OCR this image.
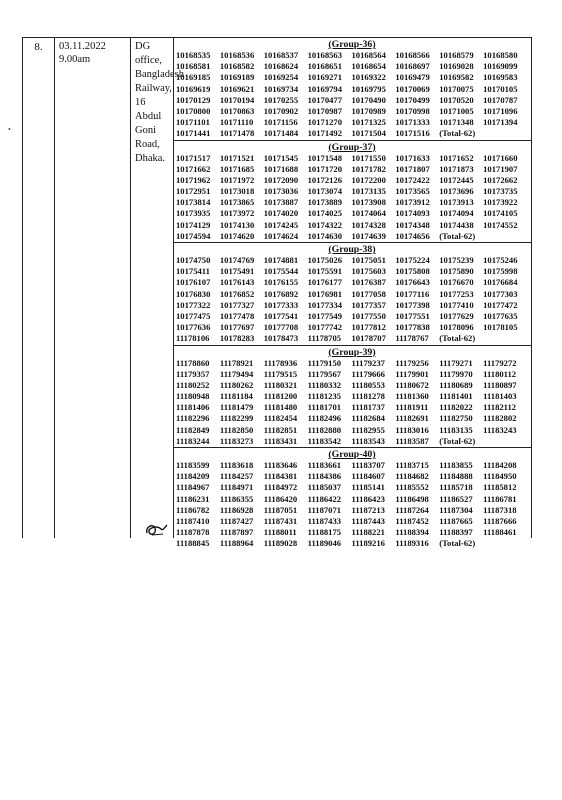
8.	03.11.2022
9.00am
DG office, Bangladesh Railway, 16 Abdul Goni Road, Dhaka.
(Group-36)
10168535	10168536	10168537	10168563	10168564	10168566	10168579	10168580
10168581	10168582	10168624	10168651	10168654	10168697	10169028	10169099
10169185	10169189	10169254	10169271	10169322	10169479	10169582	10169583
10169619	10169621	10169734	10169794	10169795	10170069	10170075	10170105
10170129	10170194	10170255	10170477	10170490	10170499	10170520	10170787
10170800	10170863	10170902	10170987	10170989	10170998	10171005	10171096
10171101	10171110	10171156	10171270	10171325	10171333	10171348	10171394
10171441	10171478	10171484	10171492	10171504	10171516	(Total-62)
(Group-37)
10171517	10171521	10171545	10171548	10171550	10171633	10171652	10171660
10171662	10171685	10171688	10171720	10171782	10171807	10171873	10171907
10171962	10171972	10172090	10172126	10172200	10172422	10172445	10172662
10172951	10173018	10173036	10173074	10173135	10173565	10173696	10173735
10173814	10173865	10173887	10173889	10173908	10173912	10173913	10173922
10173935	10173972	10174020	10174025	10174064	10174093	10174094	10174105
10174129	10174130	10174245	10174322	10174328	10174348	10174438	10174552
10174594	10174620	10174624	10174630	10174639	10174656	(Total-62)
(Group-38)
10174750	10174769	10174881	10175026	10175051	10175224	10175239	10175246
10175411	10175491	10175544	10175591	10175603	10175808	10175890	10175998
10176107	10176143	10176155	10176177	10176387	10176643	10176670	10176684
10176830	10176852	10176892	10176981	10177058	10177116	10177253	10177303
10177322	10177327	10177333	10177334	10177357	10177398	10177410	10177472
10177475	10177478	10177541	10177549	10177550	10177551	10177629	10177635
10177636	10177697	10177708	10177742	10177812	10177838	10178096	10178105
11178106	10178283	10178473	11178705	10178707	11178767	(Total-62)
(Group-39)
11178860	11178921	11178936	11179150	11179237	11179256	11179271	11179272
11179357	11179494	11179515	11179567	11179666	11179901	11179970	11180112
11180252	11180262	11180321	11180332	11180553	11180672	11180689	11180897
11180948	11181184	11181200	11181235	11181278	11181360	11181401	11181403
11181406	11181479	11181480	11181701	11181737	11181911	11182022	11182112
11182296	11182299	11182454	11182496	11182684	11182691	11182750	11182802
11182849	11182850	11182851	11182880	11182955	11183016	11183135	11183243
11183244	11183273	11183431	11183542	11183543	11183587	(Total-62)
(Group-40)
11183599	11183618	11183646	11183661	11183707	11183715	11183855	11184208
11184209	11184257	11184381	11184386	11184607	11184682	11184888	11184950
11184967	11184971	11184972	11185037	11185141	11185552	11185718	11185812
11186231	11186355	11186420	11186422	11186423	11186498	11186527	11186781
11186782	11186928	11187051	11187071	11187213	11187264	11187304	11187318
11187410	11187427	11187431	11187433	11187443	11187452	11187665	11187666
11187878	11187897	11188011	11188175	11188221	11188394	11188397	11188461
11188845	11188964	11189028	11189046	11189216	11189316	(Total-62)
•
